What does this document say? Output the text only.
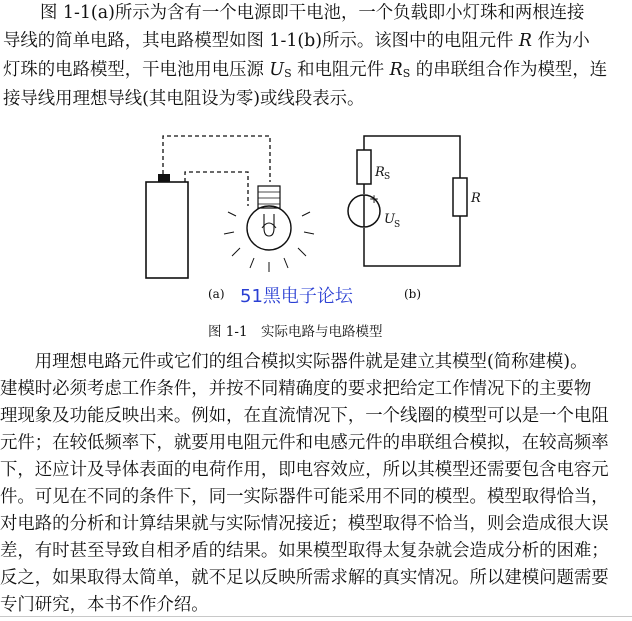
图 1-1(a)所示为含有一个电源即干电池，一个负载即小灯珠和两根连接
导线的简单电路，其电路模型如图 1-1(b)所示。该图中的电阻元件 R 作为小
灯珠的电路模型，干电池用电压源 $U_S$ 和电阻元件 $R_S$ 的串联组合作为模型，连
接导线用理想导线(其电阻设为零)或线段表示。
(a)	(b)
R S
+
U S
R
51黑电子论坛
图 1-1　实际电路与电路模型
　　用理想电路元件或它们的组合模拟实际器件就是建立其模型(简称建模)。
建模时必须考虑工作条件，并按不同精确度的要求把给定工作情况下的主要物
理现象及功能反映出来。例如，在直流情况下，一个线圈的模型可以是一个电阻
元件；在较低频率下，就要用电阻元件和电感元件的串联组合模拟，在较高频率
下，还应计及导体表面的电荷作用，即电容效应，所以其模型还需要包含电容元
件。可见在不同的条件下，同一实际器件可能采用不同的模型。模型取得恰当，
对电路的分析和计算结果就与实际情况接近；模型取得不恰当，则会造成很大误
差，有时甚至导致自相矛盾的结果。如果模型取得太复杂就会造成分析的困难；
反之，如果取得太简单，就不足以反映所需求解的真实情况。所以建模问题需要
专门研究，本书不作介绍。
